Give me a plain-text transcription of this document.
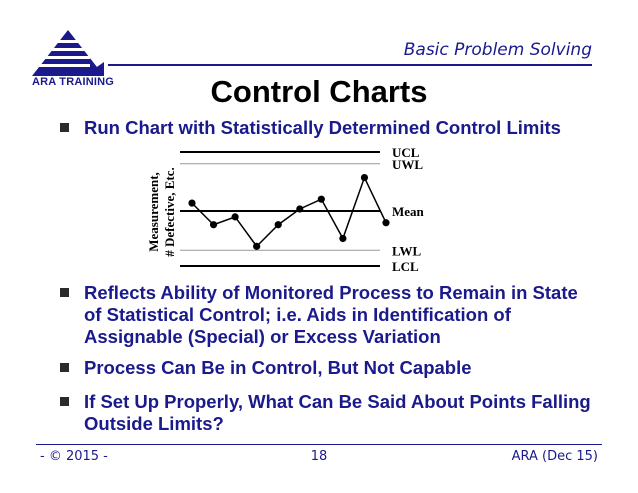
ARA TRAINING
Basic Problem Solving
Control Charts
Run Chart with Statistically Determined Control Limits
UCL
UWL
Mean
LWL
LCL
Measurement, # Defective, Etc.
Reflects Ability of Monitored Process to Remain in State of Statistical Control; i.e. Aids in Identification of Assignable (Special) or Excess Variation
Process Can Be in Control, But Not Capable
If Set Up Properly, What Can Be Said About Points Falling Outside Limits?
- © 2015 -	18	ARA (Dec 15)
